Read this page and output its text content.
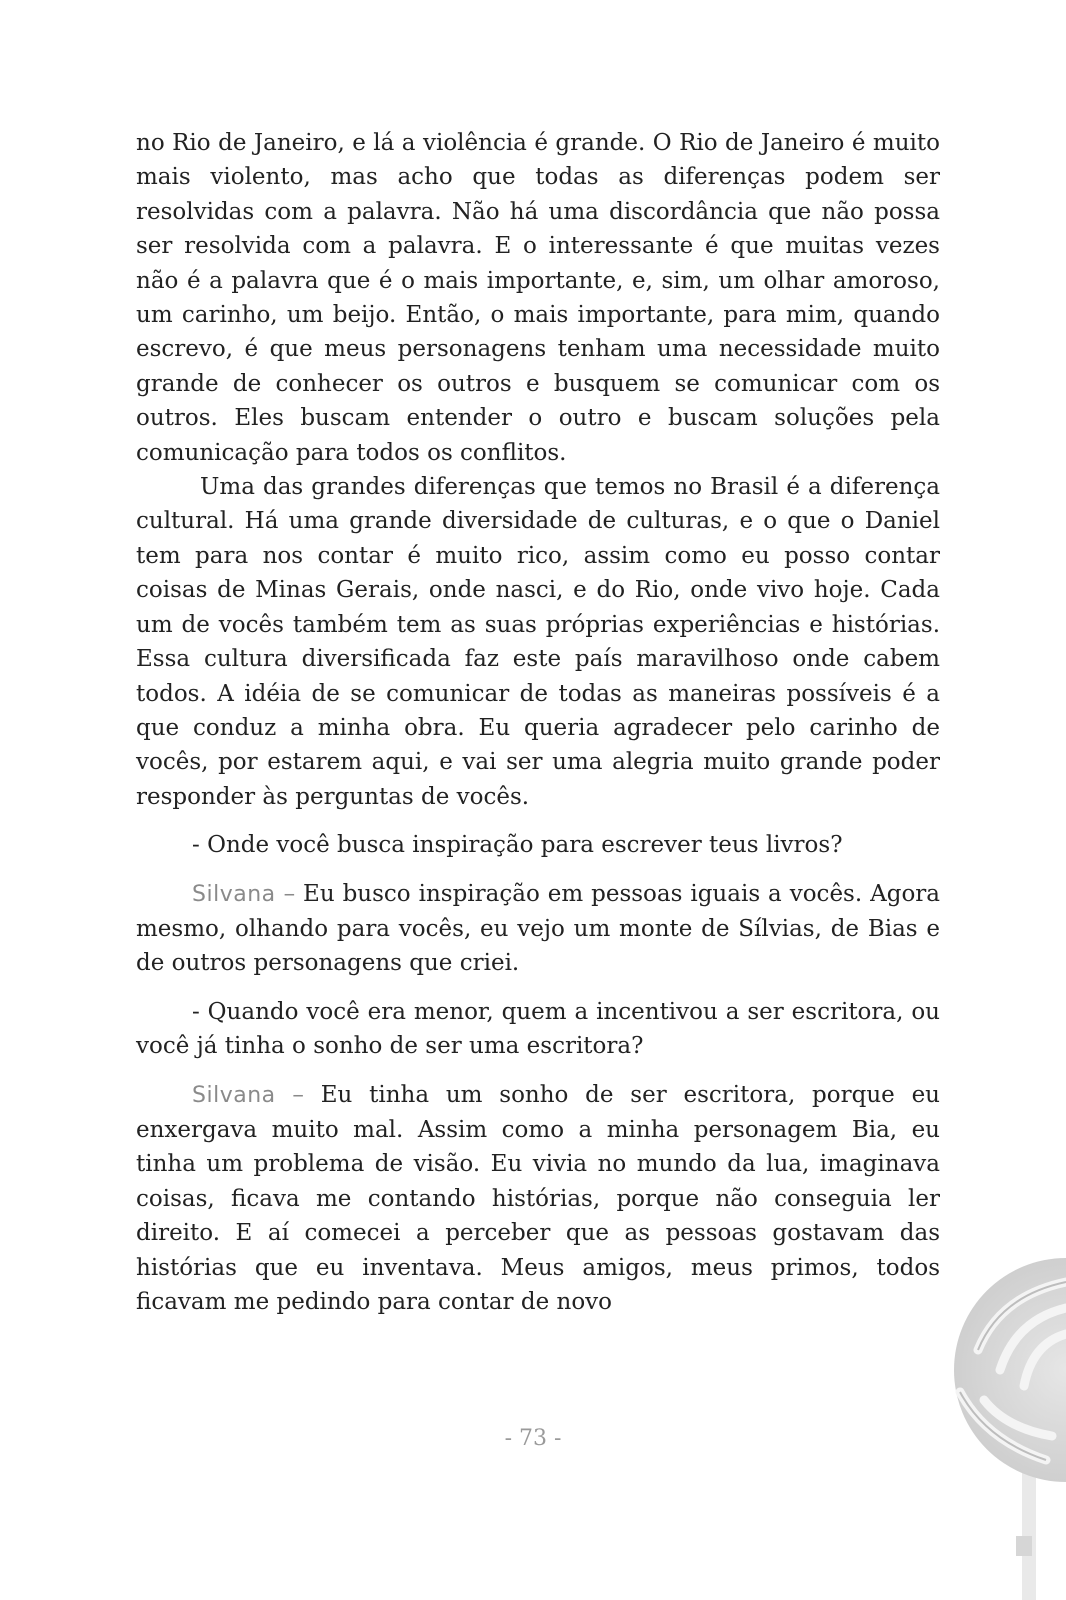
no Rio de Janeiro, e lá a violência é grande. O Rio de Janeiro é muito mais violento, mas acho que todas as diferenças podem ser resolvidas com a palavra. Não há uma discordância que não possa ser resolvida com a palavra. E o interessante é que muitas vezes não é a palavra que é o mais importante, e, sim, um olhar amoroso, um carinho, um beijo. Então, o mais importante, para mim, quando escrevo, é que meus personagens tenham uma necessidade muito grande de conhecer os outros e busquem se comunicar com os outros. Eles buscam entender o outro e buscam soluções pela comunicação para todos os conflitos.

Uma das grandes diferenças que temos no Brasil é a diferença cultural. Há uma grande diversidade de culturas, e o que o Daniel tem para nos contar é muito rico, assim como eu posso contar coisas de Minas Gerais, onde nasci, e do Rio, onde vivo hoje. Cada um de vocês também tem as suas próprias experiências e histórias. Essa cultura diversificada faz este país maravilhoso onde cabem todos. A idéia de se comunicar de todas as maneiras possíveis é a que conduz a minha obra. Eu queria agradecer pelo carinho de vocês, por estarem aqui, e vai ser uma alegria muito grande poder responder às perguntas de vocês.

- Onde você busca inspiração para escrever teus livros?

Silvana – Eu busco inspiração em pessoas iguais a vocês. Agora mesmo, olhando para vocês, eu vejo um monte de Sílvias, de Bias e de outros personagens que criei.

- Quando você era menor, quem a incentivou a ser escritora, ou você já tinha o sonho de ser uma escritora?

Silvana – Eu tinha um sonho de ser escritora, porque eu enxergava muito mal. Assim como a minha personagem Bia, eu tinha um problema de visão. Eu vivia no mundo da lua, imaginava coisas, ficava me contando histórias, porque não conseguia ler direito. E aí comecei a perceber que as pessoas gostavam das histórias que eu inventava. Meus amigos, meus primos, todos ficavam me pedindo para contar de novo

- 73 -
